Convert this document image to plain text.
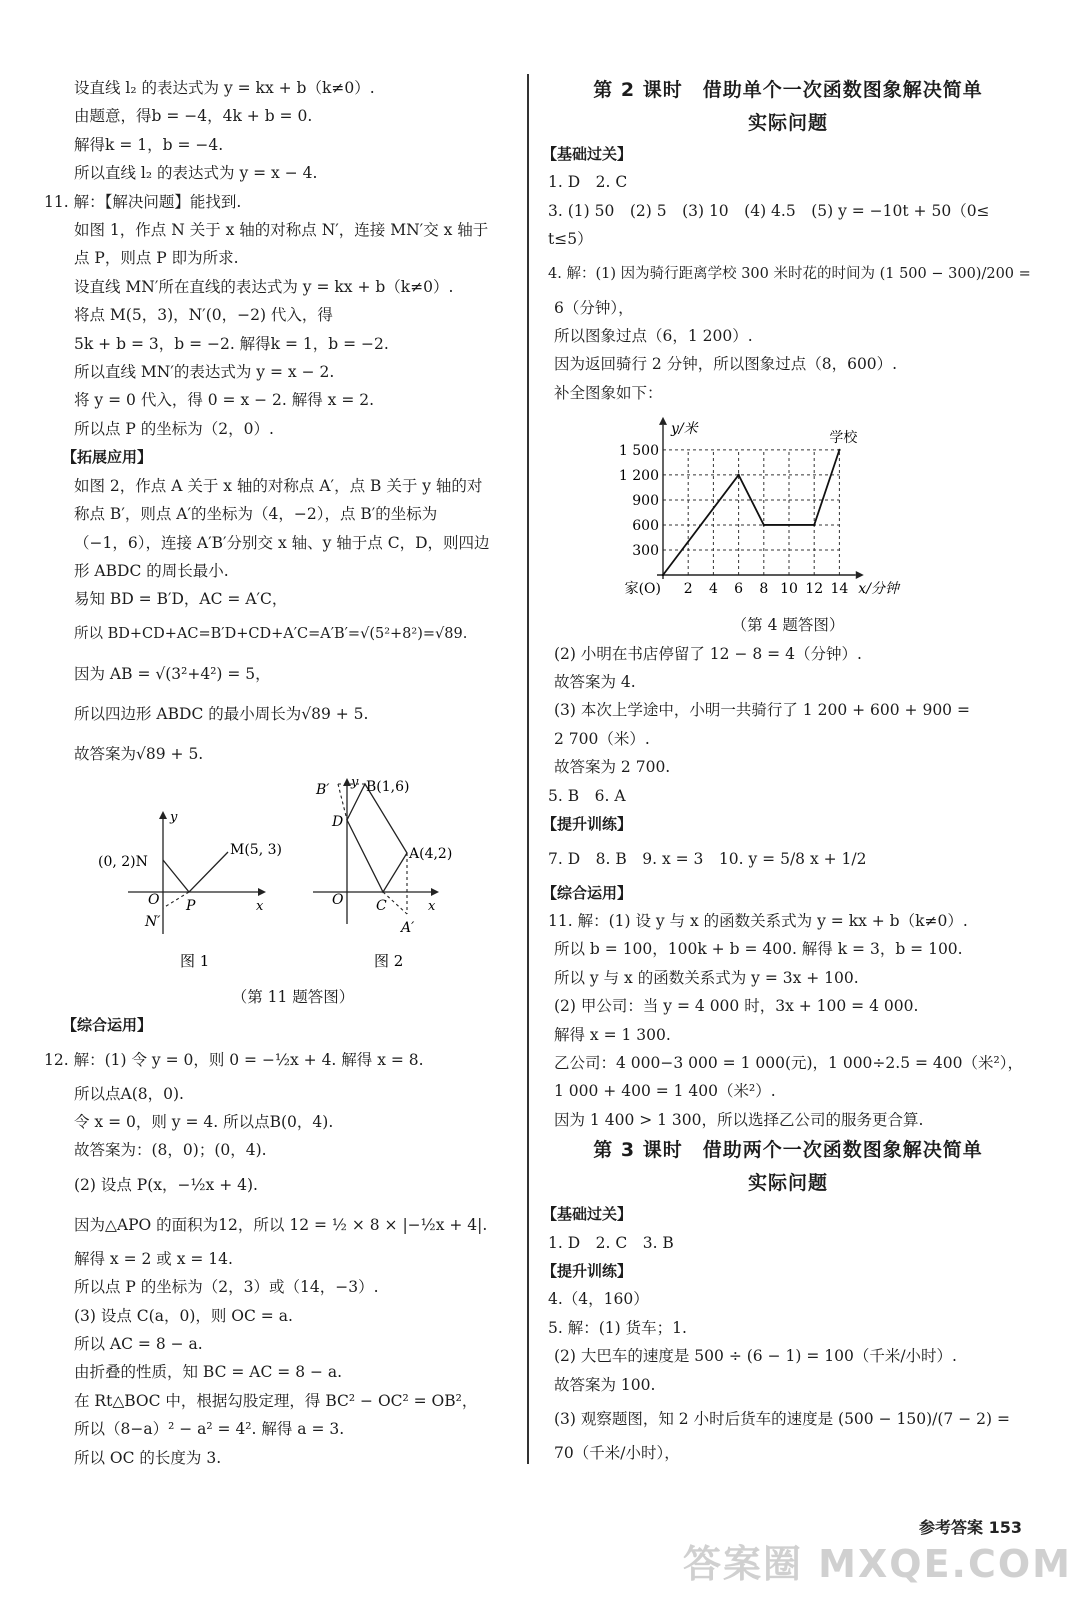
设直线 l₂ 的表达式为 y = kx + b（k≠0）.
由题意，得b = −4，4k + b = 0.
解得k = 1，b = −4.
所以直线 l₂ 的表达式为 y = x − 4.
11. 解：【解决问题】能找到.
如图 1，作点 N 关于 x 轴的对称点 N′，连接 MN′交 x 轴于
点 P，则点 P 即为所求.
设直线 MN′所在直线的表达式为 y = kx + b（k≠0）.
将点 M(5，3)，N′(0，−2) 代入，得
5k + b = 3，b = −2. 解得k = 1，b = −2.
所以直线 MN′的表达式为 y = x − 2.
将 y = 0 代入，得 0 = x − 2. 解得 x = 2.
所以点 P 的坐标为（2，0）.
【拓展应用】
如图 2，作点 A 关于 x 轴的对称点 A′，点 B 关于 y 轴的对
称点 B′，则点 A′的坐标为（4，−2），点 B′的坐标为
（−1，6），连接 A′B′分别交 x 轴、y 轴于点 C，D，则四边
形 ABDC 的周长最小.
易知 BD = B′D，AC = A′C，
所以 BD+CD+AC=B′D+CD+A′C=A′B′=√(5²+8²)=√89.
因为 AB = √(3²+4²) = 5，
所以四边形 ABDC 的最小周长为√89 + 5.
故答案为√89 + 5.
y
(0, 2)N
M(5, 3)
O P
N′
x
图 1
y
B′	B(1,6)
D
A(4,2)
O C
A′
x
图 2
（第 11 题答图）
【综合运用】
12. 解：(1) 令 y = 0，则 0 = −½x + 4. 解得 x = 8.
所以点A(8，0).
令 x = 0，则 y = 4. 所以点B(0，4).
故答案为：(8，0)；(0，4).
(2) 设点 P(x，−½x + 4).
因为△APO 的面积为12，所以 12 = ½ × 8 × |−½x + 4|.
解得 x = 2 或 x = 14.
所以点 P 的坐标为（2，3）或（14，−3）.
(3) 设点 C(a，0)，则 OC = a.
所以 AC = 8 − a.
由折叠的性质，知 BC = AC = 8 − a.
在 Rt△BOC 中，根据勾股定理，得 BC² − OC² = OB²，
所以（8−a）² − a² = 4². 解得 a = 3.
所以 OC 的长度为 3.
第 2 课时　借助单个一次函数图象解决简单
实际问题
【基础过关】
1. D　2. C
3. (1) 50　(2) 5　(3) 10　(4) 4.5　(5) y = −10t + 50（0≤
t≤5）
4. 解：(1) 因为骑行距离学校 300 米时花的时间为 (1 500 − 300)/200 =
6（分钟），
所以图象过点（6，1 200）.
因为返回骑行 2 分钟，所以图象过点（8，600）.
补全图象如下：
2 4 6 8 10 12 14
300
600
900
1 200
1 500
家(O)	x/分钟
y/米
学校
（第 4 题答图）
(2) 小明在书店停留了 12 − 8 = 4（分钟）.
故答案为 4.
(3) 本次上学途中，小明一共骑行了 1 200 + 600 + 900 =
2 700（米）.
故答案为 2 700.
5. B　6. A
【提升训练】
7. D　8. B　9. x = 3　10. y = 5/8 x + 1/2
【综合运用】
11. 解：(1) 设 y 与 x 的函数关系式为 y = kx + b（k≠0）.
所以 b = 100，100k + b = 400. 解得 k = 3，b = 100.
所以 y 与 x 的函数关系式为 y = 3x + 100.
(2) 甲公司：当 y = 4 000 时，3x + 100 = 4 000.
解得 x = 1 300.
乙公司：4 000−3 000 = 1 000(元)，1 000÷2.5 = 400（米²），
1 000 + 400 = 1 400（米²）.
因为 1 400 > 1 300，所以选择乙公司的服务更合算.
第 3 课时　借助两个一次函数图象解决简单
实际问题
【基础过关】
1. D　2. C　3. B
【提升训练】
4.（4，160）
5. 解：(1) 货车；1.
(2) 大巴车的速度是 500 ÷ (6 − 1) = 100（千米/小时）.
故答案为 100.
(3) 观察题图，知 2 小时后货车的速度是 (500 − 150)/(7 − 2) =
70（千米/小时），
参考答案 153
答案圈 MXQE.COM
